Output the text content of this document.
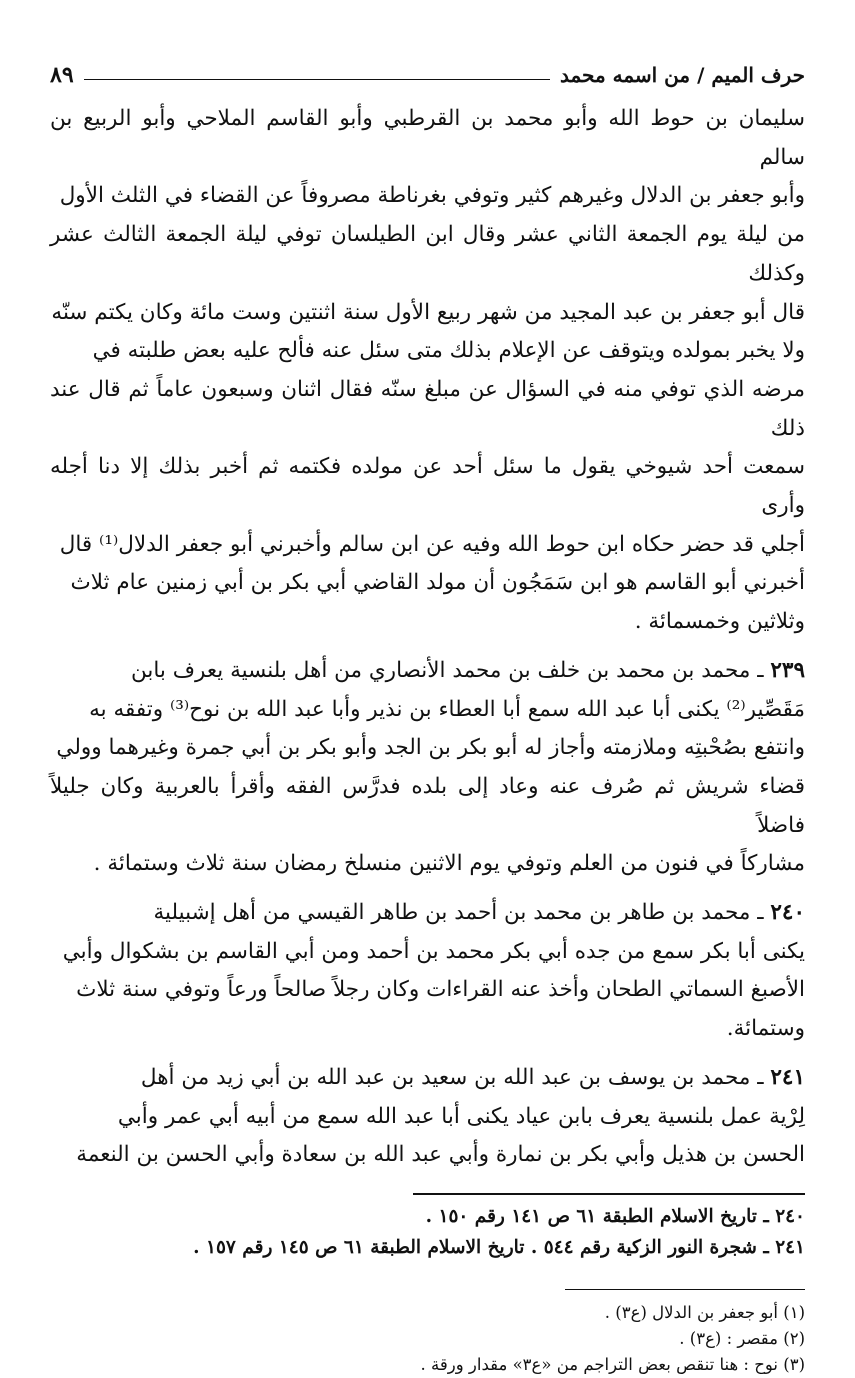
حرف الميم / من اسمه محمد
٨٩
سليمان بن حوط الله وأبو محمد بن القرطبي وأبو القاسم الملاحي وأبو الربيع بن سالم
وأبو جعفر بن الدلال وغيرهم كثير وتوفي بغرناطة مصروفاً عن القضاء في الثلث الأول
من ليلة يوم الجمعة الثاني عشر وقال ابن الطيلسان توفي ليلة الجمعة الثالث عشر وكذلك
قال أبو جعفر بن عبد المجيد من شهر ربيع الأول سنة اثنتين وست مائة وكان يكتم سنّه
ولا يخبر بمولده ويتوقف عن الإعلام بذلك متى سئل عنه فألح عليه بعض طلبته في
مرضه الذي توفي منه في السؤال عن مبلغ سنّه فقال اثنان وسبعون عاماً ثم قال عند ذلك
سمعت أحد شيوخي يقول ما سئل أحد عن مولده فكتمه ثم أخبر بذلك إلا دنا أجله وأرى
أجلي قد حضر حكاه ابن حوط الله وفيه عن ابن سالم وأخبرني أبو جعفر الدلال⁽¹⁾ قال
أخبرني أبو القاسم هو ابن سَمَجُون أن مولد القاضي أبي بكر بن أبي زمنين عام ثلاث
وثلاثين وخمسمائة .
٢٣٩ ـ محمد بن محمد بن خلف بن محمد الأنصاري من أهل بلنسية يعرف بابن
مَقَصِّير⁽²⁾ يكنى أبا عبد الله سمع أبا العطاء بن نذير وأبا عبد الله بن نوح⁽³⁾ وتفقه به
وانتفع بصُحْبتِه وملازمته وأجاز له أبو بكر بن الجد وأبو بكر بن أبي جمرة وغيرهما وولي
قضاء شريش ثم صُرف عنه وعاد إلى بلده فدرَّس الفقه وأقرأ بالعربية وكان جليلاً فاضلاً
مشاركاً في فنون من العلم وتوفي يوم الاثنين منسلخ رمضان سنة ثلاث وستمائة .
٢٤٠ ـ محمد بن طاهر بن محمد بن أحمد بن طاهر القيسي من أهل إشبيلية
يكنى أبا بكر سمع من جده أبي بكر محمد بن أحمد ومن أبي القاسم بن بشكوال وأبي
الأصبغ السماتي الطحان وأخذ عنه القراءات وكان رجلاً صالحاً ورعاً وتوفي سنة ثلاث
وستمائة.
٢٤١ ـ محمد بن يوسف بن عبد الله بن سعيد بن عبد الله بن أبي زيد من أهل
لِرْية عمل بلنسية يعرف بابن عياد يكنى أبا عبد الله سمع من أبيه أبي عمر وأبي
الحسن بن هذيل وأبي بكر بن نمارة وأبي عبد الله بن سعادة وأبي الحسن بن النعمة
٢٤٠ ـ تاريخ الاسلام الطبقة ٦١ ص ١٤١ رقم ١٥٠ .
٢٤١ ـ شجرة النور الزكية رقم ٥٤٤ . تاريخ الاسلام الطبقة ٦١ ص ١٤٥ رقم ١٥٧ .
(١) أبو جعفر بن الدلال (ع٣) .
(٢) مقصر : (ع٣) .
(٣) نوح : هنا تنقص بعض التراجم من «ع٣» مقدار ورقة .
